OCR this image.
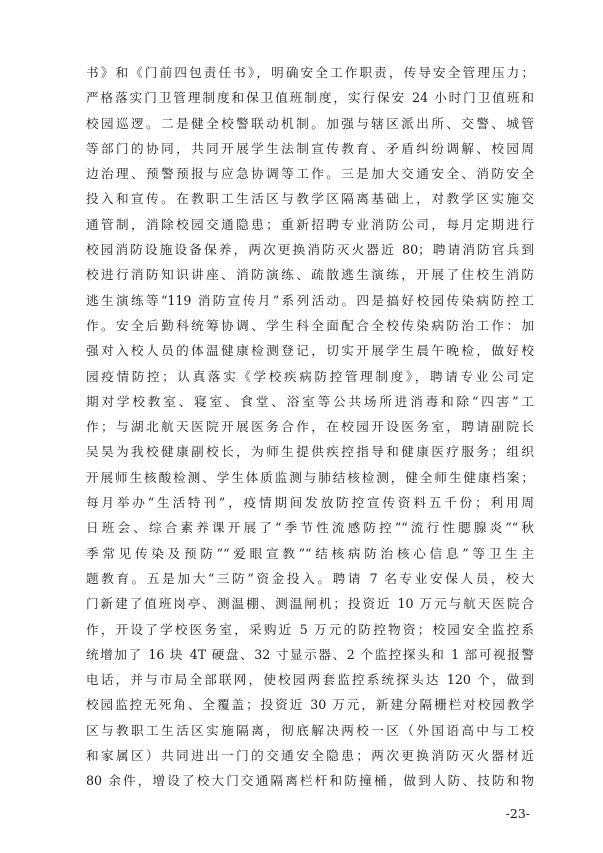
书》和《门前四包责任书》，明确安全工作职责，传导安全管理压力；
严格落实门卫管理制度和保卫值班制度，实行保安 24 小时门卫值班和
校园巡逻。二是健全校警联动机制。加强与辖区派出所、交警、城管
等部门的协同，共同开展学生法制宣传教育、矛盾纠纷调解、校园周
边治理、预警预报与应急协调等工作。三是加大交通安全、消防安全
投入和宣传。在教职工生活区与教学区隔离基础上，对教学区实施交
通管制，消除校园交通隐患；重新招聘专业消防公司，每月定期进行
校园消防设施设备保养，两次更换消防灭火器近 80；聘请消防官兵到
校进行消防知识讲座、消防演练、疏散逃生演练，开展了住校生消防
逃生演练等“119 消防宣传月”系列活动。四是搞好校园传染病防控工
作。安全后勤科统筹协调、学生科全面配合全校传染病防治工作：加
强对入校人员的体温健康检测登记，切实开展学生晨午晚检，做好校
园疫情防控；认真落实《学校疾病防控管理制度》，聘请专业公司定
期对学校教室、寝室、食堂、浴室等公共场所进消毒和除“四害”工
作；与湖北航天医院开展医务合作，在校园开设医务室，聘请副院长
吴昊为我校健康副校长，为师生提供疾控指导和健康医疗服务；组织
开展师生核酸检测、学生体质监测与肺结核检测，健全师生健康档案；
每月举办“生活特刊”，疫情期间发放防控宣传资料五千份；利用周
日班会、综合素养课开展了“季节性流感防控”“流行性腮腺炎”“秋
季常见传染及预防”“爱眼宣教”“结核病防治核心信息”等卫生主
题教育。五是加大“三防”资金投入。聘请 7 名专业安保人员，校大
门新建了值班岗亭、测温棚、测温闸机；投资近 10 万元与航天医院合
作，开设了学校医务室，采购近 5 万元的防控物资；校园安全监控系
统增加了 16 块 4T 硬盘、32 寸显示器、2 个监控探头和 1 部可视报警
电话，并与市局全部联网，使校园两套监控系统探头达 120 个，做到
校园监控无死角、全覆盖；投资近 30 万元，新建分隔栅栏对校园教学
区与教职工生活区实施隔离，彻底解决两校一区（外国语高中与工校
和家属区）共同进出一门的交通安全隐患；两次更换消防灭火器材近
80 余件，增设了校大门交通隔离栏杆和防撞桶，做到人防、技防和物
-23-
